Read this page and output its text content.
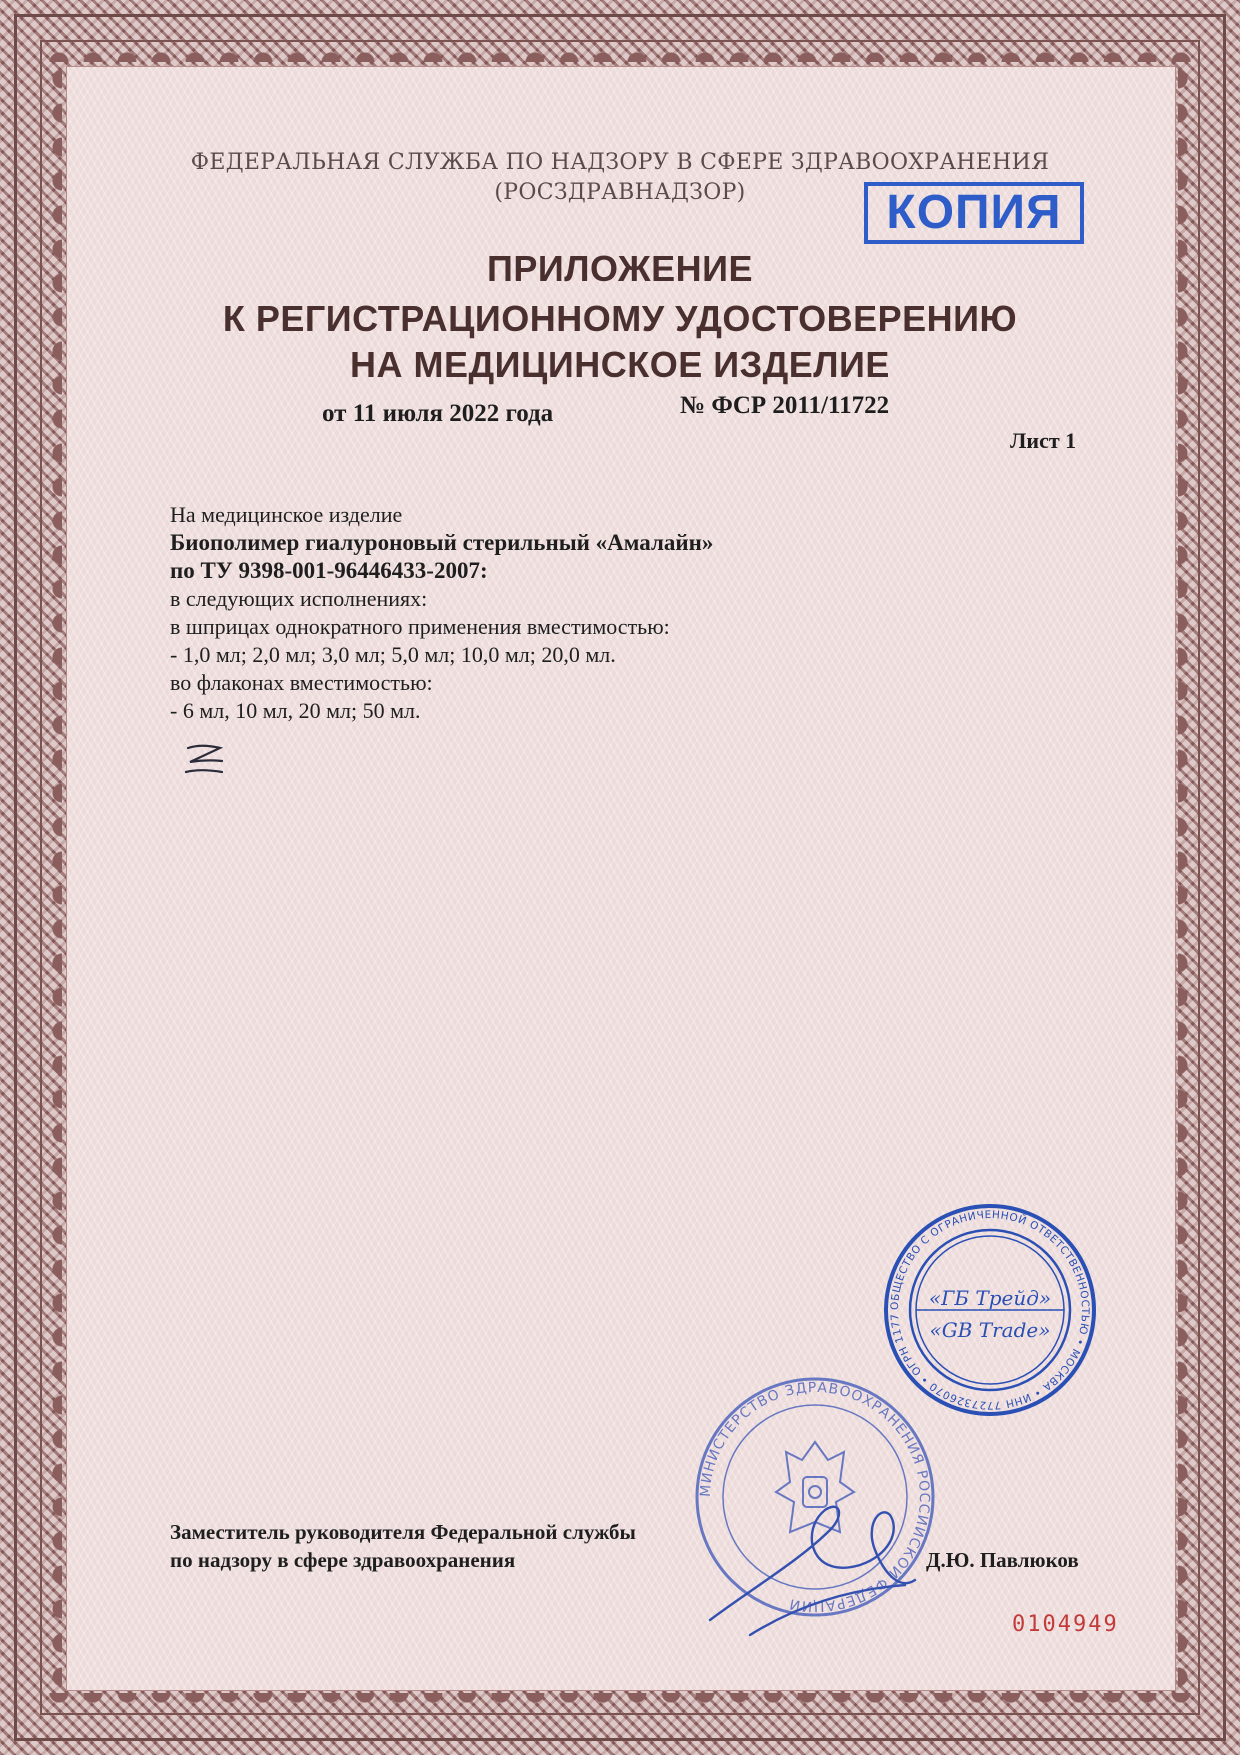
ФЕДЕРАЛЬНАЯ СЛУЖБА ПО НАДЗОРУ В СФЕРЕ ЗДРАВООХРАНЕНИЯ
(РОСЗДРАВНАДЗОР)	КОПИЯ
ПРИЛОЖЕНИЕ
К РЕГИСТРАЦИОННОМУ УДОСТОВЕРЕНИЮ
НА МЕДИЦИНСКОЕ ИЗДЕЛИЕ
от 11 июля 2022 года	№ ФСР 2011/11722
Лист 1
На медицинское изделие
Биополимер гиалуроновый стерильный «Амалайн»
по ТУ 9398-001-96446433-2007:
в следующих исполнениях:
в шприцах однократного применения вместимостью:
- 1,0 мл; 2,0 мл; 3,0 мл; 5,0 мл; 10,0 мл; 20,0 мл.
во флаконах вместимостью:
- 6 мл, 10 мл, 20 мл; 50 мл.
ОБЩЕСТВО С ОГРАНИЧЕННОЙ ОТВЕТСТВЕННОСТЬЮ • МОСКВА • ИНН 7727326070 • ОГРН 1177
«ГБ Трейд»
«GB Trade»
МИНИСТЕРСТВО ЗДРАВООХРАНЕНИЯ РОССИЙСКОЙ ФЕДЕРАЦИИ
Заместитель руководителя Федеральной службы
по надзору в сфере здравоохранения	Д.Ю. Павлюков
0104949
